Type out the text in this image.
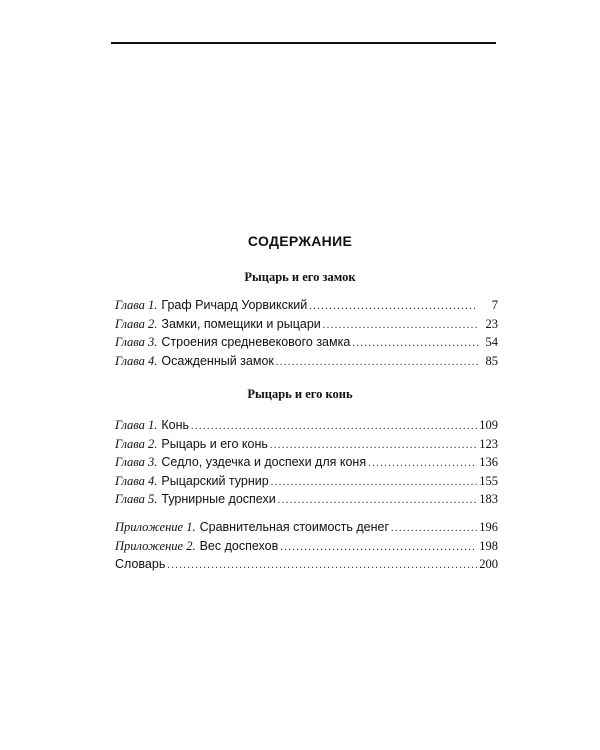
СОДЕРЖАНИЕ
Рыцарь и его замок
Глава 1. Граф Ричард Уорвикский .....	7
Глава 2. Замки, помещики и рыцари .....	23
Глава 3. Строения средневекового замка .....	54
Глава 4. Осажденный замок .....	85
Рыцарь и его конь
Глава 1. Конь .....	109
Глава 2. Рыцарь и его конь .....	123
Глава 3. Седло, уздечка и доспехи для коня .....	136
Глава 4. Рыцарский турнир .....	155
Глава 5. Турнирные доспехи .....	183
Приложение 1. Сравнительная стоимость денег .....	196
Приложение 2. Вес доспехов .....	198
Словарь .....	200
